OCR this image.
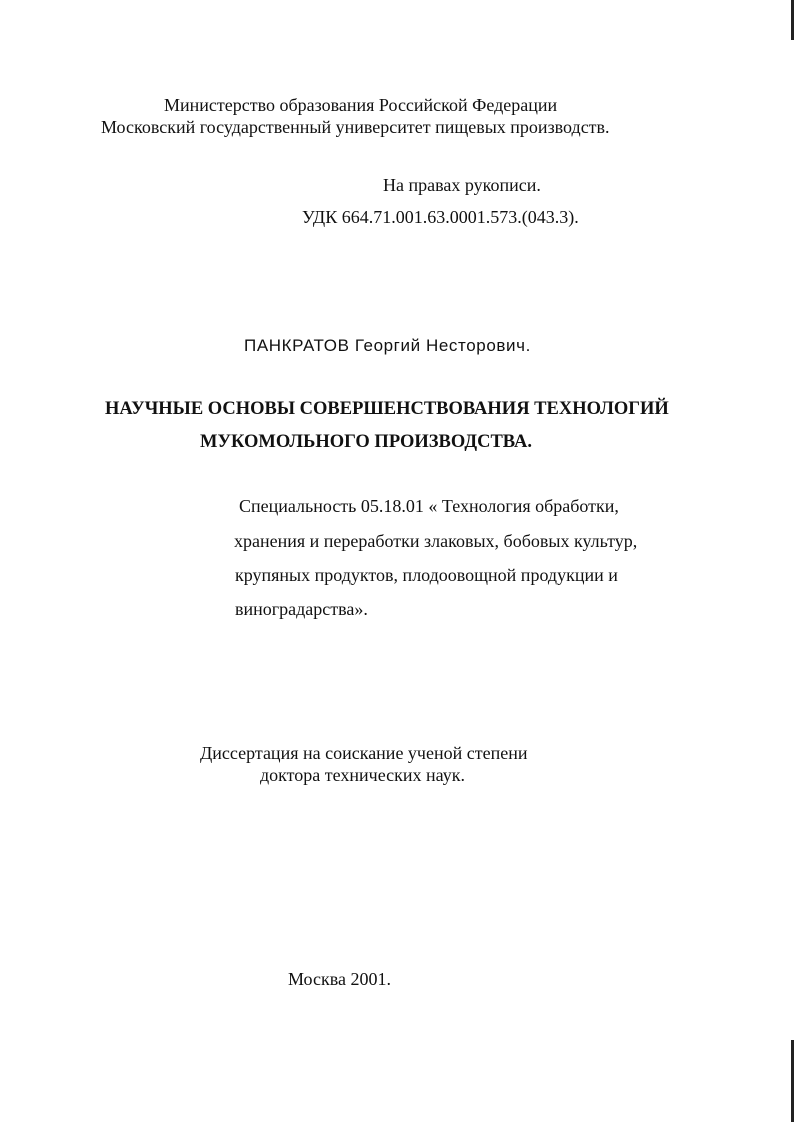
Министерство образования Российской Федерации
Московский государственный университет пищевых производств.
На правах рукописи.
УДК 664.71.001.63.0001.573.(043.3).
ПАНКРАТОВ Георгий Несторович.
НАУЧНЫЕ ОСНОВЫ СОВЕРШЕНСТВОВАНИЯ ТЕХНОЛОГИЙ
МУКОМОЛЬНОГО ПРОИЗВОДСТВА.
Специальность 05.18.01 « Технология обработки,
хранения и переработки злаковых, бобовых культур,
крупяных продуктов, плодоовощной продукции и
виноградарства».
Диссертация на соискание ученой степени
доктора технических наук.
Москва 2001.
